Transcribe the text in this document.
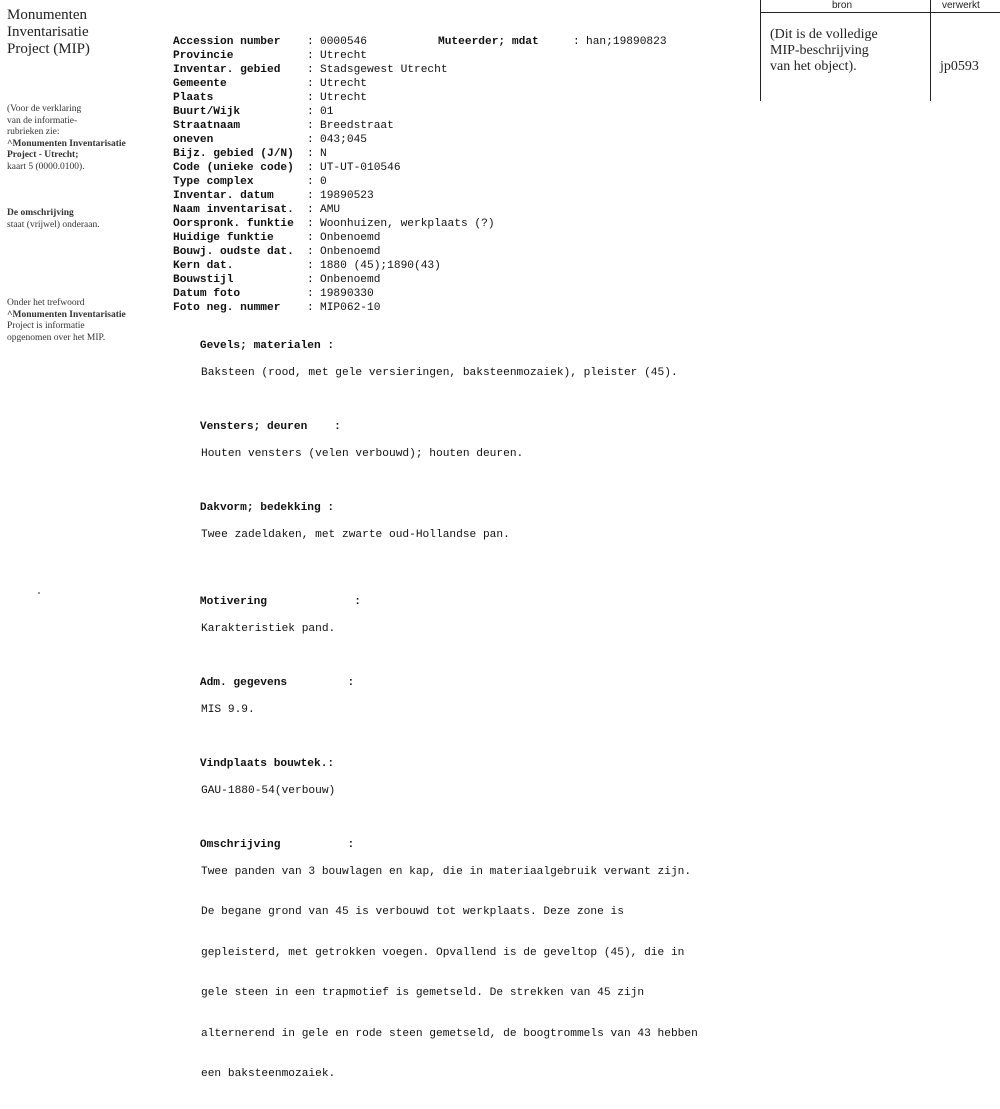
Monumenten

Inventarisatie

Project (MIP)

(Voor de verklaring
van de informatie-
rubrieken zie:
^Monumenten Inventarisatie
Project - Utrecht;
kaart 5 (0000.0100).
De omschrijving
staat (vrijwel) onderaan.
Onder het trefwoord
^Monumenten Inventarisatie
Project is informatie
opgenomen over het MIP.
bron	verwerkt
(Dit is de volledige
MIP-beschrijving
van het object).	jp0593
Accession number : 0000546	Muteerder; mdat	: han;19890823
Provincie	: Utrecht
Inventar. gebied : Stadsgewest Utrecht
Gemeente	: Utrecht
Plaats	: Utrecht
Buurt/Wijk	: 01
Straatnaam	: Breedstraat
oneven	: 043;045
Bijz. gebied (J/N) : N
Code (unieke code) : UT-UT-010546
Type complex	: 0
Inventar. datum	: 19890523
Naam inventarisat. : AMU
Oorspronk. funktie : Woonhuizen, werkplaats (?)
Huidige funktie	: Onbenoemd
Bouwj. oudste dat. : Onbenoemd
Kern dat.	: 1880 (45);1890(43)
Bouwstijl	: Onbenoemd
Datum foto	: 19890330
Foto neg. nummer : MIP062-10

Gevels; materialen :

Baksteen (rood, met gele versieringen, baksteenmozaiek), pleister (45).

Vensters; deuren    :

Houten vensters (velen verbouwd); houten deuren.

Dakvorm; bedekking :

Twee zadeldaken, met zwarte oud-Hollandse pan.

Motivering             :

Karakteristiek pand.

Adm. gegevens         :

MIS 9.9.

Vindplaats bouwtek.:

GAU-1880-54(verbouw)

Omschrijving          :

Twee panden van 3 bouwlagen en kap, die in materiaalgebruik verwant zijn.

De begane grond van 45 is verbouwd tot werkplaats. Deze zone is

gepleisterd, met getrokken voegen. Opvallend is de geveltop (45), die in

gele steen in een trapmotief is gemetseld. De strekken van 45 zijn

alternerend in gele en rode steen gemetseld, de boogtrommels van 43 hebben

een baksteenmozaiek.
